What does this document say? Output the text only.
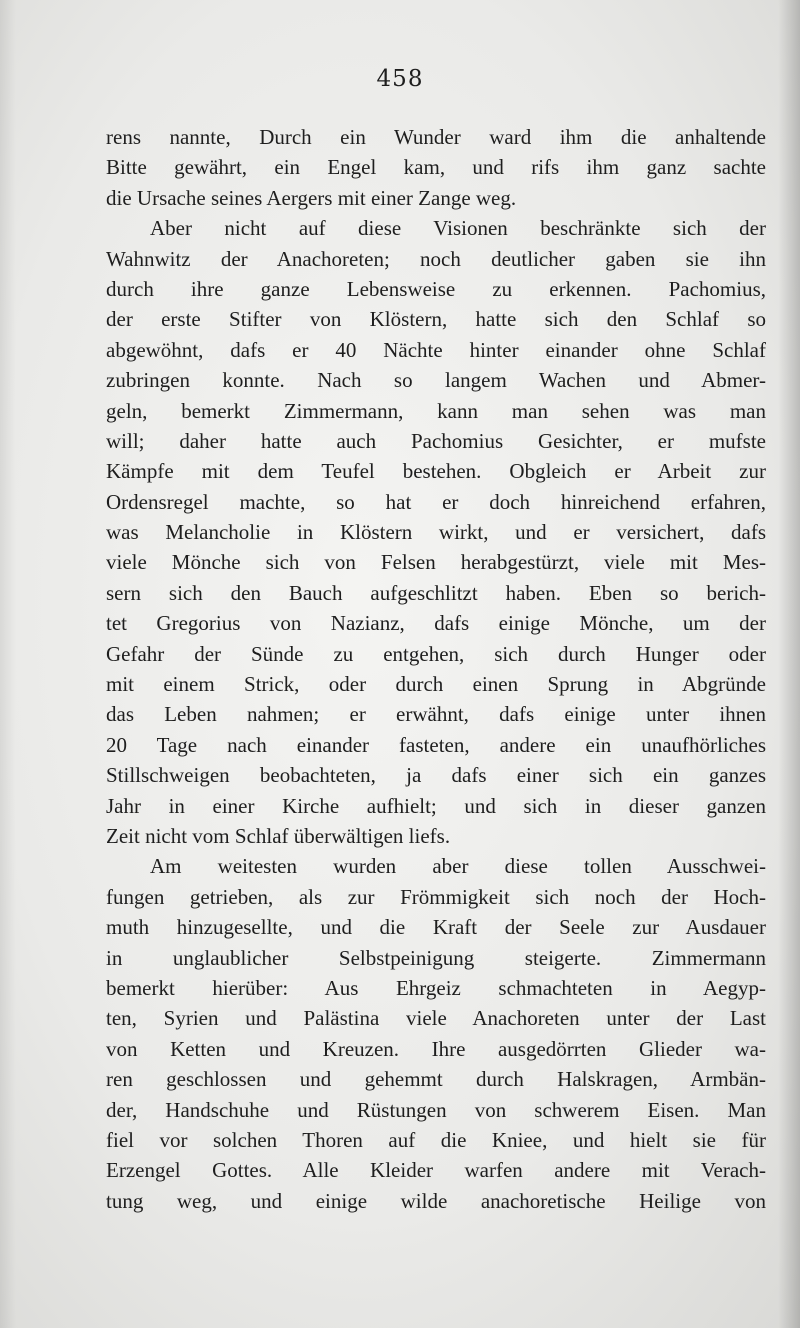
458
rens nannte, Durch ein Wunder ward ihm die anhaltende
Bitte gewährt, ein Engel kam, und rifs ihm ganz sachte
die Ursache seines Aergers mit einer Zange weg.
Aber nicht auf diese Visionen beschränkte sich der
Wahnwitz der Anachoreten; noch deutlicher gaben sie ihn
durch ihre ganze Lebensweise zu erkennen. Pachomius,
der erste Stifter von Klöstern, hatte sich den Schlaf so
abgewöhnt, dafs er 40 Nächte hinter einander ohne Schlaf
zubringen konnte. Nach so langem Wachen und Abmer-
geln, bemerkt Zimmermann, kann man sehen was man
will; daher hatte auch Pachomius Gesichter, er mufste
Kämpfe mit dem Teufel bestehen. Obgleich er Arbeit zur
Ordensregel machte, so hat er doch hinreichend erfahren,
was Melancholie in Klöstern wirkt, und er versichert, dafs
viele Mönche sich von Felsen herabgestürzt, viele mit Mes-
sern sich den Bauch aufgeschlitzt haben. Eben so berich-
tet Gregorius von Nazianz, dafs einige Mönche, um der
Gefahr der Sünde zu entgehen, sich durch Hunger oder
mit einem Strick, oder durch einen Sprung in Abgründe
das Leben nahmen; er erwähnt, dafs einige unter ihnen
20 Tage nach einander fasteten, andere ein unaufhörliches
Stillschweigen beobachteten, ja dafs einer sich ein ganzes
Jahr in einer Kirche aufhielt; und sich in dieser ganzen
Zeit nicht vom Schlaf überwältigen liefs.
Am weitesten wurden aber diese tollen Ausschwei-
fungen getrieben, als zur Frömmigkeit sich noch der Hoch-
muth hinzugesellte, und die Kraft der Seele zur Ausdauer
in unglaublicher Selbstpeinigung steigerte. Zimmermann
bemerkt hierüber: Aus Ehrgeiz schmachteten in Aegyp-
ten, Syrien und Palästina viele Anachoreten unter der Last
von Ketten und Kreuzen. Ihre ausgedörrten Glieder wa-
ren geschlossen und gehemmt durch Halskragen, Armbän-
der, Handschuhe und Rüstungen von schwerem Eisen. Man
fiel vor solchen Thoren auf die Kniee, und hielt sie für
Erzengel Gottes. Alle Kleider warfen andere mit Verach-
tung weg, und einige wilde anachoretische Heilige von
